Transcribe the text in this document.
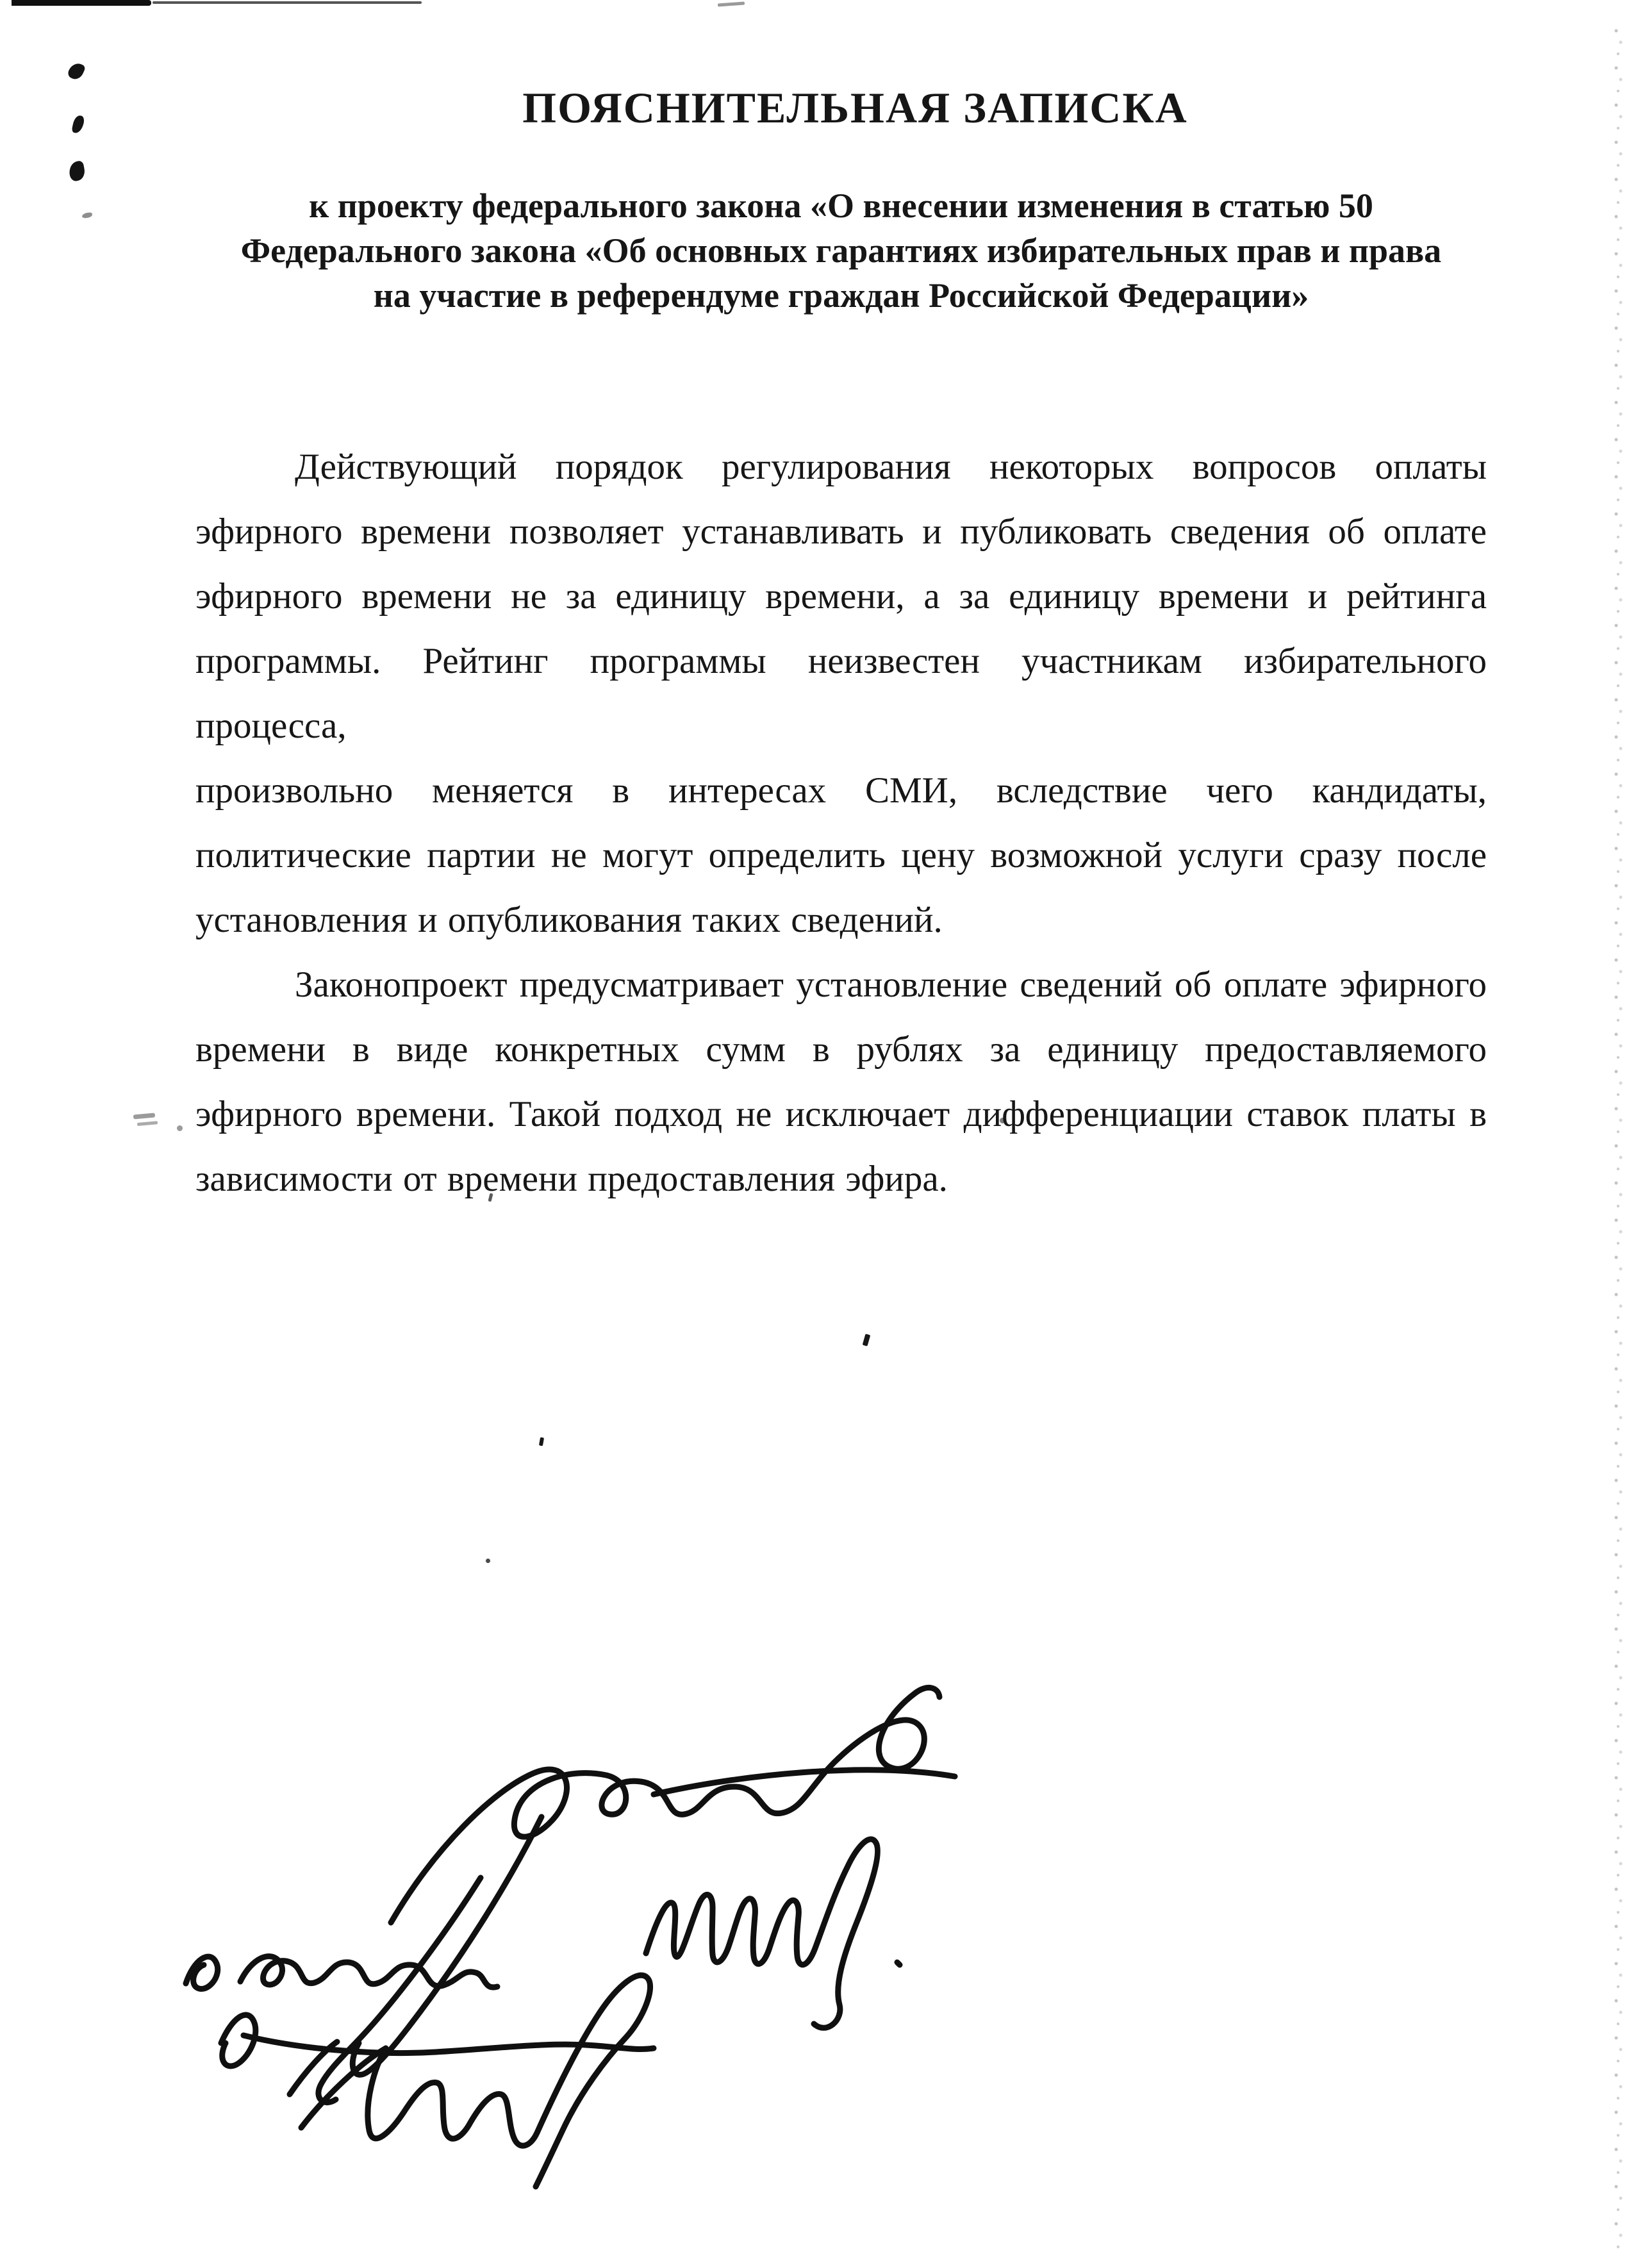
ПОЯСНИТЕЛЬНАЯ ЗАПИСКА
к проекту федерального закона «О внесении изменения в статью 50
Федерального закона «Об основных гарантиях избирательных прав и права
на участие в референдуме граждан Российской Федерации»
Действующий порядок регулирования некоторых вопросов оплаты
эфирного времени позволяет устанавливать и публиковать сведения об оплате
эфирного времени не за единицу времени, а за единицу времени и рейтинга
программы. Рейтинг программы неизвестен участникам избирательного процесса,
произвольно меняется в интересах СМИ, вследствие чего кандидаты,
политические партии не могут определить цену возможной услуги сразу после
установления и опубликования таких сведений.
Законопроект предусматривает установление сведений об оплате эфирного
времени в виде конкретных сумм в рублях за единицу предоставляемого
эфирного времени. Такой подход не исключает дифференциации ставок платы в
зависимости от времени предоставления эфира.
